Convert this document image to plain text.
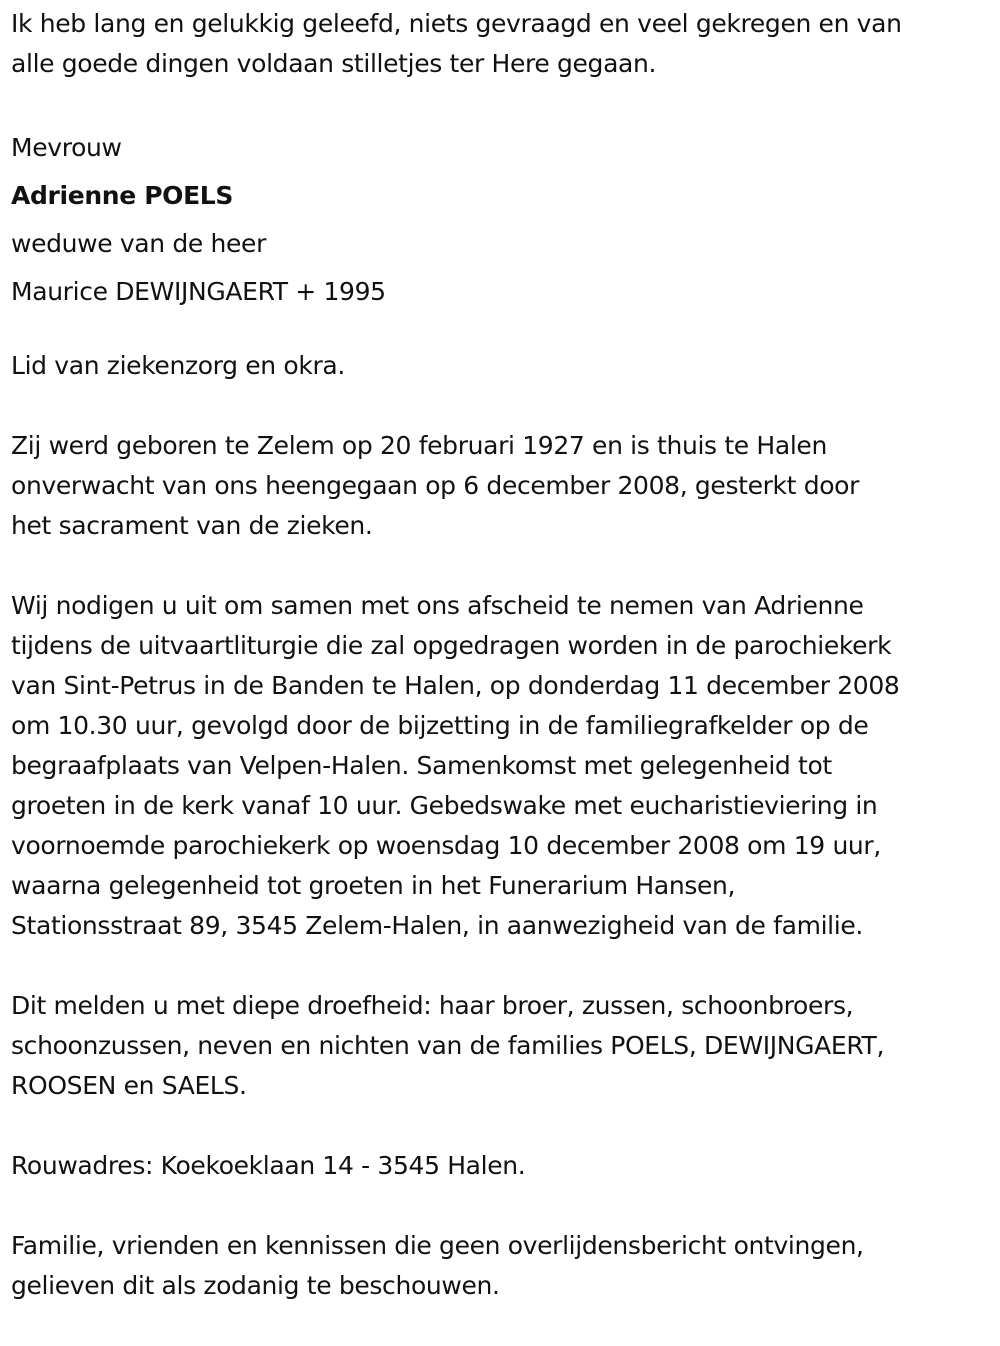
Ik heb lang en gelukkig geleefd, niets gevraagd en veel gekregen en van
alle goede dingen voldaan stilletjes ter Here gegaan.
Mevrouw
Adrienne POELS
weduwe van de heer
Maurice DEWIJNGAERT + 1995
Lid van ziekenzorg en okra.
Zij werd geboren te Zelem op 20 februari 1927 en is thuis te Halen
onverwacht van ons heengegaan op 6 december 2008, gesterkt door
het sacrament van de zieken.
Wij nodigen u uit om samen met ons afscheid te nemen van Adrienne
tijdens de uitvaartliturgie die zal opgedragen worden in de parochiekerk
van Sint-Petrus in de Banden te Halen, op donderdag 11 december 2008
om 10.30 uur, gevolgd door de bijzetting in de familiegrafkelder op de
begraafplaats van Velpen-Halen. Samenkomst met gelegenheid tot
groeten in de kerk vanaf 10 uur. Gebedswake met eucharistieviering in
voornoemde parochiekerk op woensdag 10 december 2008 om 19 uur,
waarna gelegenheid tot groeten in het Funerarium Hansen,
Stationsstraat 89, 3545 Zelem-Halen, in aanwezigheid van de familie.
Dit melden u met diepe droefheid: haar broer, zussen, schoonbroers,
schoonzussen, neven en nichten van de families POELS, DEWIJNGAERT,
ROOSEN en SAELS.
Rouwadres: Koekoeklaan 14 - 3545 Halen.
Familie, vrienden en kennissen die geen overlijdensbericht ontvingen,
gelieven dit als zodanig te beschouwen.
